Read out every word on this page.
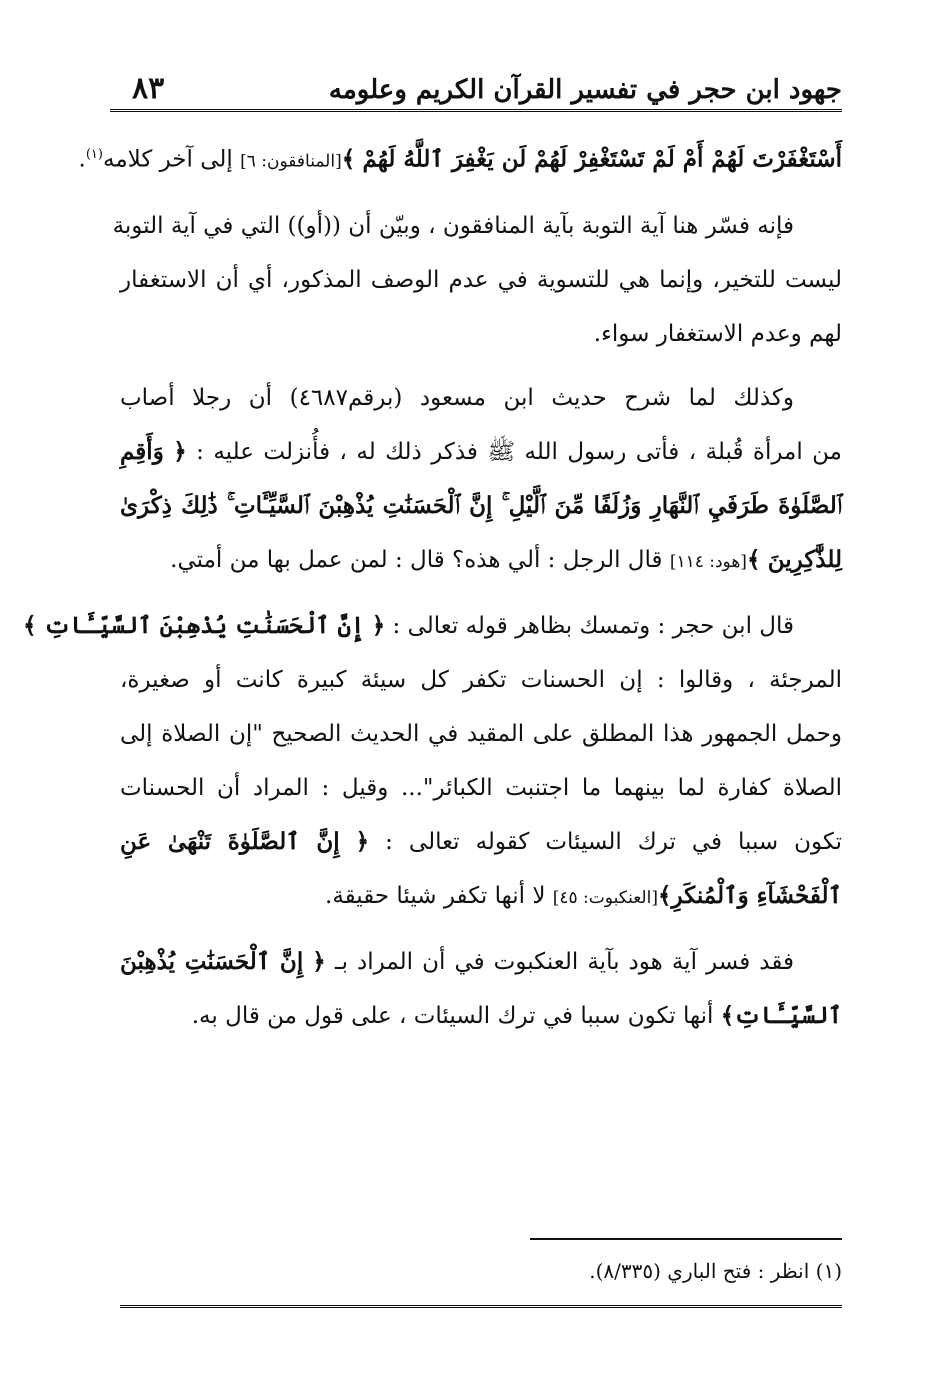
٨٣	جهود ابن حجر في تفسير القرآن الكريم وعلومه

أَسْتَغْفَرْتَ لَهُمْ أَمْ لَمْ تَسْتَغْفِرْ لَهُمْ لَن يَغْفِرَ ٱللَّهُ لَهُمْ ﴾[المنافقون: ٦] إلى آخر كلامه$^{(١)}$.

فإنه فسّر هنا آية التوبة بآية المنافقون ، وبيّن أن ((أو)) التي في آية التوبة
ليست للتخير، وإنما هي للتسوية في عدم الوصف المذكور، أي أن الاستغفار
لهم وعدم الاستغفار سواء.

وكذلك لما شرح حديث ابن مسعود (برقم٤٦٨٧) أن رجلا أصاب
من امرأة قُبلة ، فأتى رسول الله ﷺ فذكر ذلك له ، فأُنزلت عليه : ﴿ وَأَقِمِ
ٱلصَّلَوٰةَ طَرَفَيِ ٱلنَّهَارِ وَزُلَفًا مِّنَ ٱلَّيْلِ ۚ إِنَّ ٱلْحَسَنَٰتِ يُذْهِبْنَ ٱلسَّيِّـَٔاتِ ۚ ذَٰلِكَ ذِكْرَىٰ
لِلذَّٰكِرِينَ ﴾[هود: ١١٤] قال الرجل : ألي هذه؟ قال : لمن عمل بها من أمتي.

قال ابن حجر : وتمسك بظاهر قوله تعالى : ﴿ إِنَّ ٱلْحَسَنَٰتِ يُذْهِبْنَ ٱلسَّيِّـَٔاتِ ﴾
المرجئة ، وقالوا : إن الحسنات تكفر كل سيئة كبيرة كانت أو صغيرة،
وحمل الجمهور هذا المطلق على المقيد في الحديث الصحيح "إن الصلاة إلى
الصلاة كفارة لما بينهما ما اجتنبت الكبائر"... وقيل : المراد أن الحسنات
تكون سببا في ترك السيئات كقوله تعالى : ﴿ إِنَّ ٱلصَّلَوٰةَ تَنْهَىٰ عَنِ
ٱلْفَحْشَآءِ وَٱلْمُنكَرِ﴾[العنكبوت: ٤٥] لا أنها تكفر شيئا حقيقة.

فقد فسر آية هود بآية العنكبوت في أن المراد بـ ﴿ إِنَّ ٱلْحَسَنَٰتِ يُذْهِبْنَ
ٱلسَّيِّـَٔاتِ﴾ أنها تكون سببا في ترك السيئات ، على قول من قال به.

(١) انظر : فتح الباري (٨/٣٣٥).
